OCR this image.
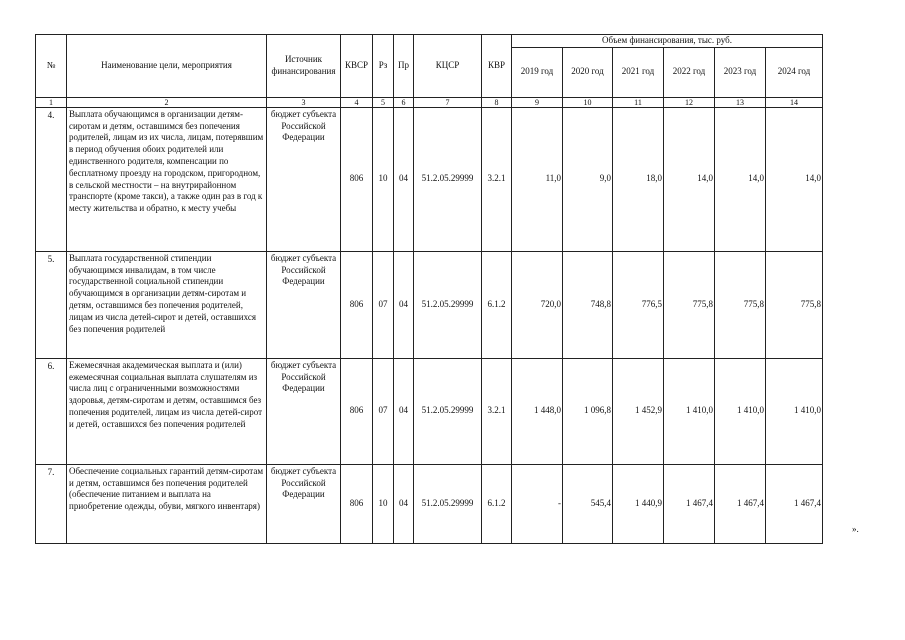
№	Наименование цели, мероприятия	Источник финансирования	КВСР	Рз	Пр	КЦСР	КВР	Объем финансирования, тыс. руб.					
								2019 год	2020 год	2021 год	2022 год	2023 год	2024 год
1	2	3	4	5	6	7	8	9	10	11	12	13	14
4.	Выплата обучающимся в организации детям-сиротам и детям, оставшимся без попечения родителей, лицам из их числа, лицам, потерявшим в период обучения обоих родителей или единственного родителя, компенсации по бесплатному проезду на городском, пригородном, в сельской местности – на внутрирайонном транспорте (кроме такси), а также один раз в год к месту жительства и обратно, к месту учебы	бюджет субъекта Российской Федерации	806	10	04	51.2.05.29999	3.2.1	11,0	9,0	18,0	14,0	14,0	14,0
5.	Выплата государственной стипендии обучающимся инвалидам, в том числе государственной социальной стипендии обучающимся в организации детям-сиротам и детям, оставшимся без попечения родителей, лицам из числа детей-сирот и детей, оставшихся без попечения родителей	бюджет субъекта Российской Федерации	806	07	04	51.2.05.29999	6.1.2	720,0	748,8	776,5	775,8	775,8	775,8
6.	Ежемесячная академическая выплата и (или) ежемесячная социальная выплата слушателям из числа лиц с ограниченными возможностями здоровья, детям-сиротам и детям, оставшимся без попечения родителей, лицам из числа детей-сирот и детей, оставшихся без попечения родителей	бюджет субъекта Российской Федерации	806	07	04	51.2.05.29999	3.2.1	1 448,0	1 096,8	1 452,9	1 410,0	1 410,0	1 410,0
7.	Обеспечение социальных гарантий детям-сиротам и детям, оставшимся без попечения родителей (обеспечение питанием и выплата на приобретение одежды, обуви, мягкого инвентаря)	бюджет субъекта Российской Федерации	806	10	04	51.2.05.29999	6.1.2	-	545,4	1 440,9	1 467,4	1 467,4	1 467,4
».
